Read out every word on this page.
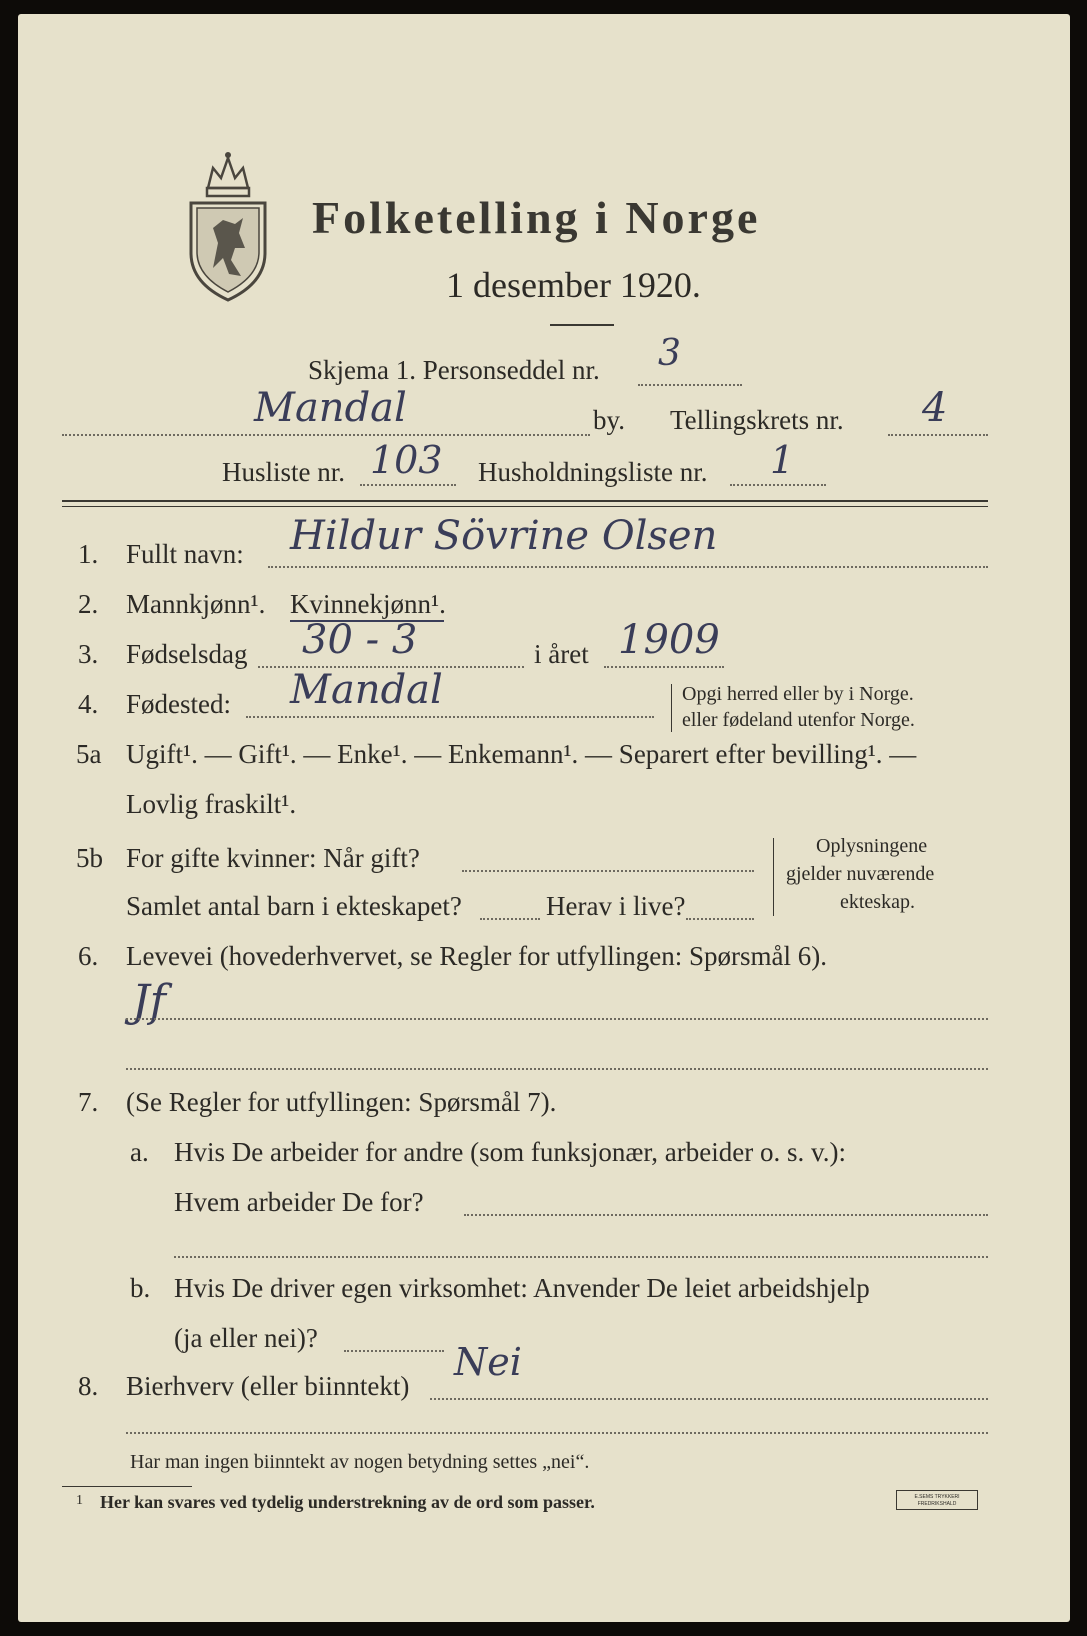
Folketelling i Norge
1 desember 1920.
Skjema 1. Personseddel nr. 3
Mandal	by. Tellingskrets nr. 4
Husliste nr. 103 Husholdningsliste nr. 1
1. Fullt navn: Hildur Sövrine Olsen
2. Mannkjønn¹. Kvinnekjønn¹.
3. Fødselsdag 30 - 3	i året 1909
4. Fødested: Mandal	Opgi herred eller by i Norge.
eller fødeland utenfor Norge.
5a Ugift¹. — Gift¹. — Enke¹. — Enkemann¹. — Separert efter bevilling¹. —
Lovlig fraskilt¹.
5b For gifte kvinner: Når gift?
Samlet antal barn i ekteskapet?	Herav i live?
Oplysningene
gjelder nuværende
ekteskap.
6. Levevei (hovederhvervet, se Regler for utfyllingen: Spørsmål 6).
Jf
7. (Se Regler for utfyllingen: Spørsmål 7).
a. Hvis De arbeider for andre (som funksjonær, arbeider o. s. v.):
Hvem arbeider De for?
b. Hvis De driver egen virksomhet: Anvender De leiet arbeidshjelp
(ja eller nei)?
8. Bierhverv (eller biinntekt)
Nei
Har man ingen biinntekt av nogen betydning settes „nei“.
1 Her kan svares ved tydelig understrekning av de ord som passer.	E.SEMS TRYKKERI
FREDRIKSHALD
